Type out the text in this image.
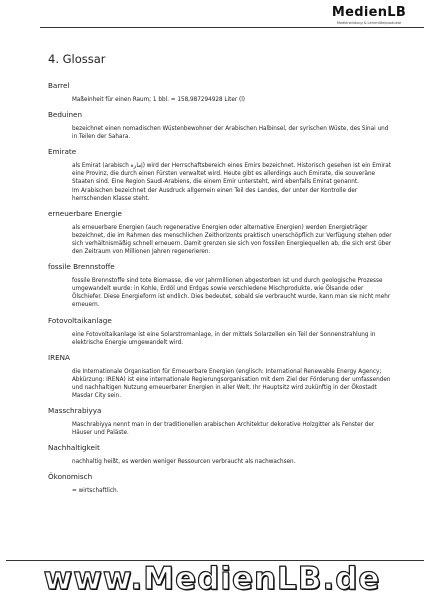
MedienLB
Medienbildung & Lehrmittelprodukte
4. Glossar
Barrel

Maßeinheit für einen Raum; 1 bbl. = 158,987294928 Liter (l)

Beduinen

bezeichnet einen nomadischen Wüstenbewohner der Arabischen Halbinsel, der syrischen Wüste, des Sinai und in Teilen der Sahara.

Emirate

als Emirat (arabisch إمارة) wird der Herrschaftsbereich eines Emirs bezeichnet. Historisch gesehen ist ein Emirat eine Provinz, die durch einen Fürsten verwaltet wird. Heute gibt es allerdings auch Emirate, die souveräne Staaten sind. Eine Region Saudi-Arabiens, die einem Emir untersteht, wird ebenfalls Emirat genannt.

Im Arabischen bezeichnet der Ausdruck allgemein einen Teil des Landes, der unter der Kontrolle der herrschenden Klasse steht.

erneuerbare Energie

als erneuerbare Energien (auch regenerative Energien oder alternative Energien) werden Energieträger bezeichnet, die im Rahmen des menschlichen Zeithorizonts praktisch unerschöpflich zur Verfügung stehen oder sich verhältnismäßig schnell erneuern. Damit grenzen sie sich von fossilen Energiequellen ab, die sich erst über den Zeitraum von Millionen Jahren regenerieren.

fossile Brennstoffe

fossile Brennstoffe sind tote Biomasse, die vor Jahrmillionen abgestorben ist und durch geologische Prozesse umgewandelt wurde: in Kohle, Erdöl und Erdgas sowie verschiedene Mischprodukte, wie Ölsande oder Ölschiefer. Diese Energieform ist endlich. Dies bedeutet, sobald sie verbraucht wurde, kann man sie nicht mehr erneuern.

Fotovoltaikanlage

eine Fotovoltaikanlage ist eine Solarstromanlage, in der mittels Solarzellen ein Teil der Sonnenstrahlung in elektrische Energie umgewandelt wird.

IRENA

die Internationale Organisation für Erneuerbare Energien (englisch: International Renewable Energy Agency; Abkürzung: IRENA) ist eine internationale Regierungsorganisation mit dem Ziel der Förderung der umfassenden und nachhaltigen Nutzung erneuerbarer Energien in aller Welt. Ihr Hauptsitz wird zukünftig in der Ökostadt Masdar City sein.

Masschrabiyya

Maschrabiyya nennt man in der traditionellen arabischen Architektur dekorative Holzgitter als Fenster der Häuser und Paläste.

Nachhaltigkeit

nachhaltig heißt, es werden weniger Ressourcen verbraucht als nachwachsen.

Ökonomisch

= wirtschaftlich.

www.MedienLB.de
